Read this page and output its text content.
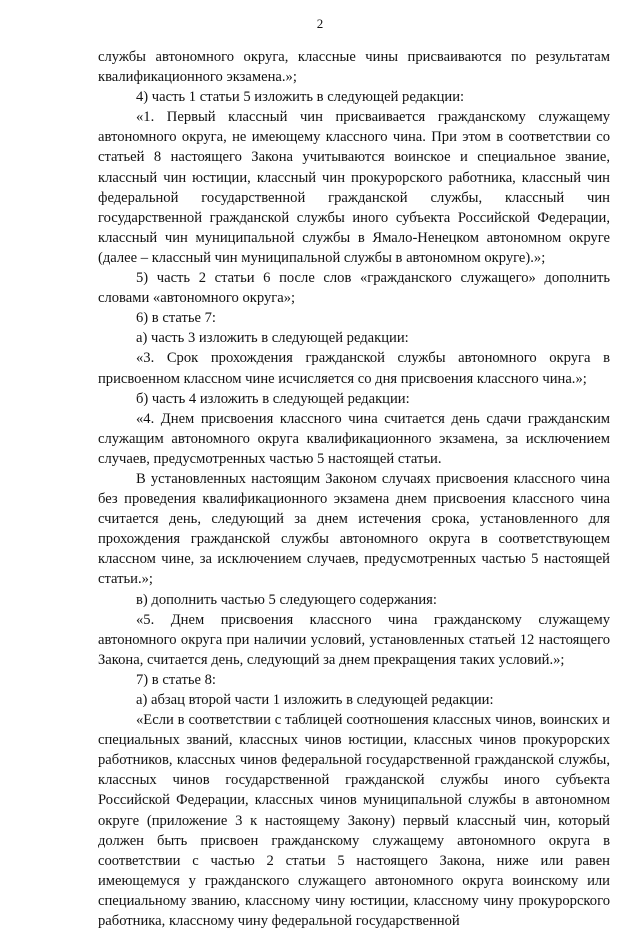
2

службы автономного округа, классные чины присваиваются по результатам квалификационного экзамена.»;

4) часть 1 статьи 5 изложить в следующей редакции:

«1. Первый классный чин присваивается гражданскому служащему автономного округа, не имеющему классного чина. При этом в соответствии со статьей 8 настоящего Закона учитываются воинское и специальное звание, классный чин юстиции, классный чин прокурорского работника, классный чин федеральной государственной гражданской службы, классный чин государственной гражданской службы иного субъекта Российской Федерации, классный чин муниципальной службы в Ямало-Ненецком автономном округе (далее – классный чин муниципальной службы в автономном округе).»;

5) часть 2 статьи 6 после слов «гражданского служащего» дополнить словами «автономного округа»;

6) в статье 7:

а) часть 3 изложить в следующей редакции:

«3. Срок прохождения гражданской службы автономного округа в присвоенном классном чине исчисляется со дня присвоения классного чина.»;

б) часть 4 изложить в следующей редакции:

«4. Днем присвоения классного чина считается день сдачи гражданским служащим автономного округа квалификационного экзамена, за исключением случаев, предусмотренных частью 5 настоящей статьи.

В установленных настоящим Законом случаях присвоения классного чина без проведения квалификационного экзамена днем присвоения классного чина считается день, следующий за днем истечения срока, установленного для прохождения гражданской службы автономного округа в соответствующем классном чине, за исключением случаев, предусмотренных частью 5 настоящей статьи.»;

в) дополнить частью 5 следующего содержания:

«5. Днем присвоения классного чина гражданскому служащему автономного округа при наличии условий, установленных статьей 12 настоящего Закона, считается день, следующий за днем прекращения таких условий.»;

7) в статье 8:

а) абзац второй части 1 изложить в следующей редакции:

«Если в соответствии с таблицей соотношения классных чинов, воинских и специальных званий, классных чинов юстиции, классных чинов прокурорских работников, классных чинов федеральной государственной гражданской службы, классных чинов государственной гражданской службы иного субъекта Российской Федерации, классных чинов муниципальной службы в автономном округе (приложение 3 к настоящему Закону) первый классный чин, который должен быть присвоен гражданскому служащему автономного округа в соответствии с частью 2 статьи 5 настоящего Закона, ниже или равен имеющемуся у гражданского служащего автономного округа воинскому или специальному званию, классному чину юстиции, классному чину прокурорского работника, классному чину федеральной государственной
